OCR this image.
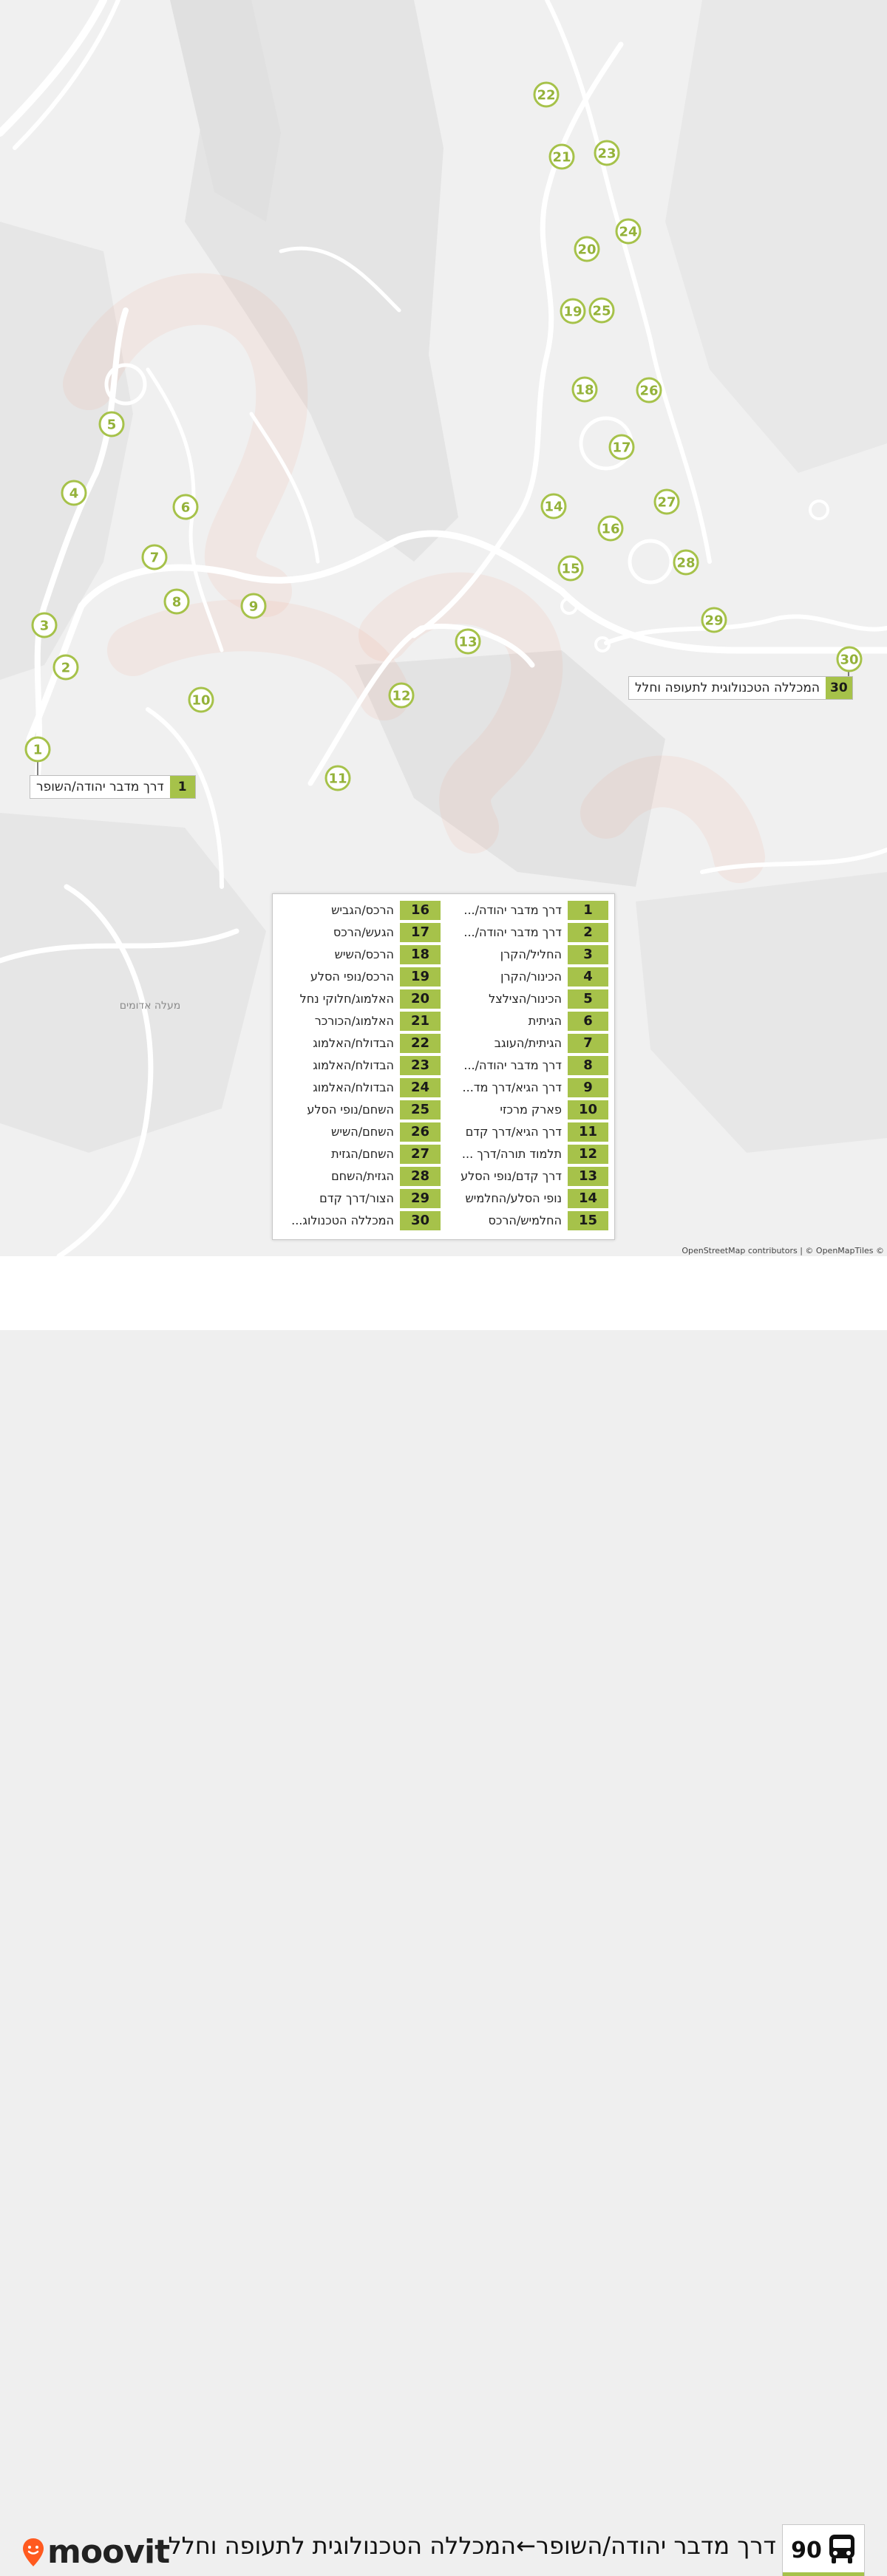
מעלה אדומים
1
2
3
4
5
6
7
8	9
10
11
12
13
14
15
16
17
18
19
20
21
22
23
24
25
26
27
28
29
30
דרך מדבר יהודה/השופר	1
המכללה הטכנולוגית לתעופה וחלל 30
1
דרך מדבר יהודה/...
2
דרך מדבר יהודה/...
3
החליל/הקרן
4
הכינור/הקרן
5
הכינור/הצילצל
6
הגיתית
7
הגיתית/העוגב
8
דרך מדבר יהודה/...
9
דרך הגיא/דרך מד...
10
פארק מרכזי
11
דרך הגיא/דרך קדם
12
תלמוד תורה/דרך ...
13
דרך קדם/נופי הסלע
14
נופי הסלע/החלמיש
15
החלמיש/הרכס
16
הרכס/הגביש
17
הגעש/הרכס
18
הרכס/השיש
19
הרכס/נופי הסלע
20
האלמוג/חלוקי נחל
21
האלמוג/הכורכר
22
הבדולח/האלמוג
23
הבדולח/האלמוג
24
הבדולח/האלמוג
25
השחם/נופי הסלע
26
השחם/השיש
27
השחם/הגזית
28
הגזית/השחם
29
הצור/דרך קדם
30
המכללה הטכנולוג...
OpenStreetMap contributors | © OpenMapTiles ©
90
דרך מדבר יהודה/השופר←המכללה הטכנולוגית לתעופה וחלל
moovit
